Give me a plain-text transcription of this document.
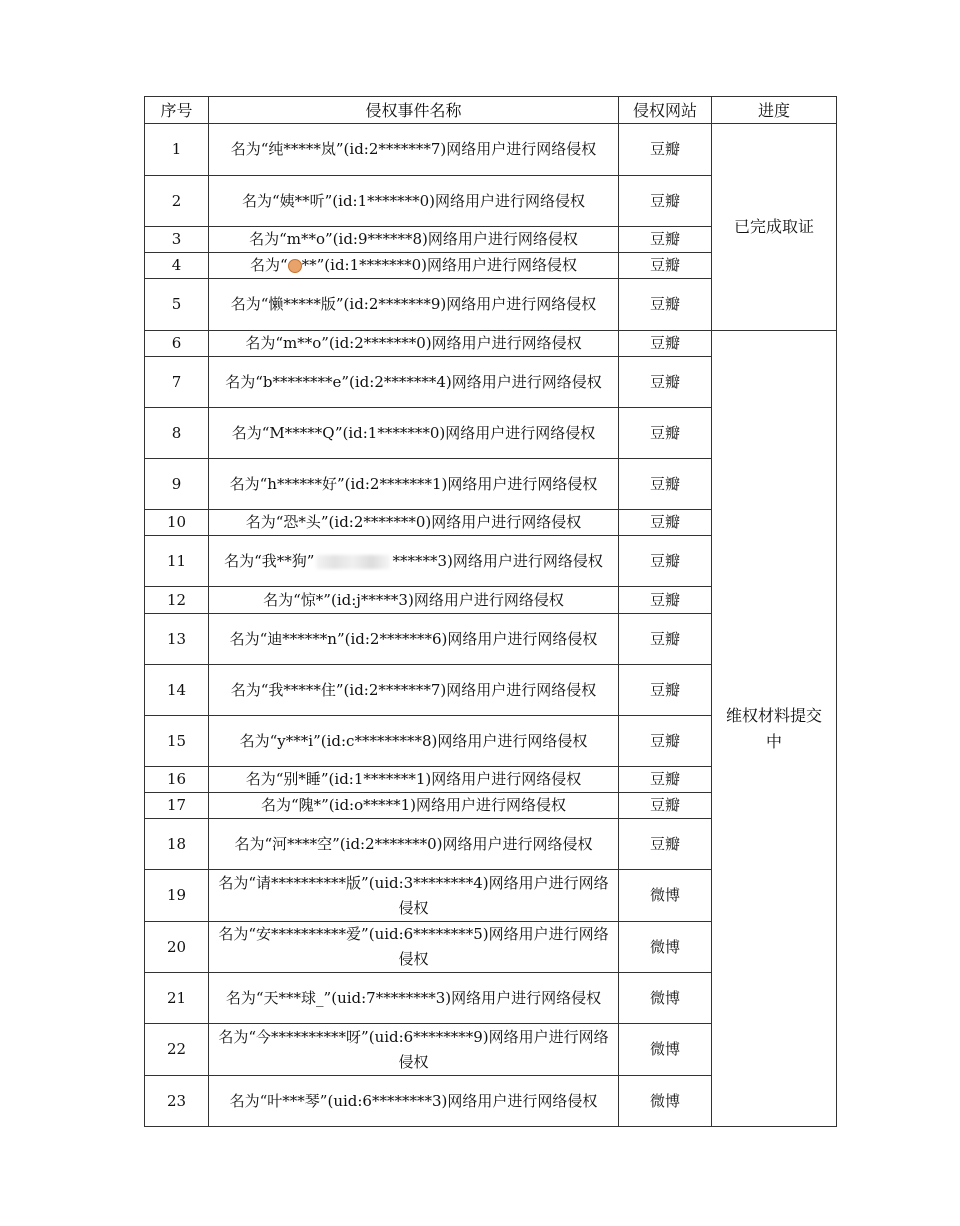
序号	侵权事件名称	侵权网站	进度
1	名为“纯*****岚”(id:2*******7)网络用户进行网络侵权	豆瓣	已完成取证
2	名为“姨**听”(id:1*******0)网络用户进行网络侵权	豆瓣	
3	名为“m**o”(id:9******8)网络用户进行网络侵权	豆瓣	
4	名为“ **”(id:1*******0)网络用户进行网络侵权	豆瓣	
5	名为“懒*****版”(id:2*******9)网络用户进行网络侵权	豆瓣	
6	名为“m**o”(id:2*******0)网络用户进行网络侵权	豆瓣	维权材料提交中
7	名为“b********e”(id:2*******4)网络用户进行网络侵权	豆瓣	
8	名为“M*****Q”(id:1*******0)网络用户进行网络侵权	豆瓣	
9	名为“h******好”(id:2*******1)网络用户进行网络侵权	豆瓣	
10	名为“恐*头”(id:2*******0)网络用户进行网络侵权	豆瓣	
11	名为“我**狗” ******3)网络用户进行网络侵权	豆瓣	
12	名为“惊*”(id:j*****3)网络用户进行网络侵权	豆瓣	
13	名为“迪******n”(id:2*******6)网络用户进行网络侵权	豆瓣	
14	名为“我*****住”(id:2*******7)网络用户进行网络侵权	豆瓣	
15	名为“y***i”(id:c*********8)网络用户进行网络侵权	豆瓣	
16	名为“别*睡”(id:1*******1)网络用户进行网络侵权	豆瓣	
17	名为“隗*”(id:o*****1)网络用户进行网络侵权	豆瓣	
18	名为“河****空”(id:2*******0)网络用户进行网络侵权	豆瓣	
19	名为“请**********版”(uid:3********4)网络用户进行网络侵权	微博	
20	名为“安**********爱”(uid:6********5)网络用户进行网络侵权	微博	
21	名为“天***球_”(uid:7********3)网络用户进行网络侵权	微博	
22	名为“今**********呀”(uid:6********9)网络用户进行网络侵权	微博	
23	名为“叶***琴”(uid:6********3)网络用户进行网络侵权	微博	
